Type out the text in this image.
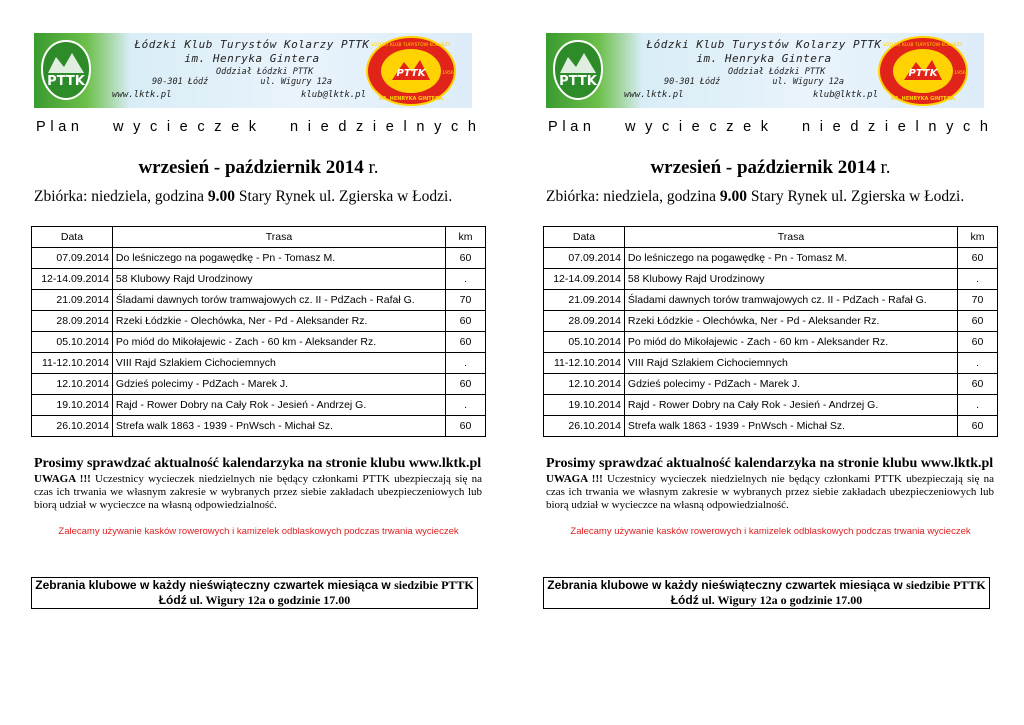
PTTK
Łódzki Klub Turystów Kolarzy PTTK
im. Henryka Gintera
Oddział Łódzki PTTK
90-301 Łódź	ul. Wigury 12a
www.lktk.pl	klub@lktk.pl
PTTK
ŁÓDZKI KLUB TURYSTÓW KOLARZY
IM. HENRYKA GINTERA
1956
P l a n w y c i e c z e k n i e d z i e l n y c h
wrzesień - październik 2014 r.
Zbiórka: niedziela, godzina 9.00 Stary Rynek ul. Zgierska w Łodzi.
Data	Trasa	km
07.09.2014	Do leśniczego na pogawędkę - Pn - Tomasz M.	60
12-14.09.2014	58 Klubowy Rajd Urodzinowy	.
21.09.2014	Śladami dawnych torów tramwajowych cz. II - PdZach - Rafał G.	70
28.09.2014	Rzeki Łódzkie - Olechówka, Ner - Pd - Aleksander Rz.	60
05.10.2014	Po miód do Mikołajewic - Zach - 60 km - Aleksander Rz.	60
11-12.10.2014	VIII Rajd Szlakiem Cichociemnych	.
12.10.2014	Gdzieś polecimy - PdZach - Marek J.	60
19.10.2014	Rajd - Rower Dobry na Cały Rok - Jesień - Andrzej G.	.
26.10.2014	Strefa walk 1863 - 1939 - PnWsch - Michał Sz.	60
Prosimy sprawdzać aktualność kalendarzyka na stronie klubu www.lktk.pl
UWAGA !!! Uczestnicy wycieczek niedzielnych nie będący członkami PTTK ubezpieczają się na czas ich trwania we własnym zakresie w wybranych przez siebie zakładach ubezpieczeniowych lub biorą udział w wycieczce na własną odpowiedzialność.
Zalecamy używanie kasków rowerowych i kamizelek odblaskowych podczas trwania wycieczek
Zebrania klubowe w każdy nieświąteczny czwartek miesiąca w siedzibie PTTK
Łódź ul. Wigury 12a o godzinie 17.00
PTTK
Łódzki Klub Turystów Kolarzy PTTK
im. Henryka Gintera
Oddział Łódzki PTTK
90-301 Łódź	ul. Wigury 12a
www.lktk.pl	klub@lktk.pl
PTTK
ŁÓDZKI KLUB TURYSTÓW KOLARZY
IM. HENRYKA GINTERA
1956
P l a n w y c i e c z e k n i e d z i e l n y c h
wrzesień - październik 2014 r.
Zbiórka: niedziela, godzina 9.00 Stary Rynek ul. Zgierska w Łodzi.
Data	Trasa	km
07.09.2014	Do leśniczego na pogawędkę - Pn - Tomasz M.	60
12-14.09.2014	58 Klubowy Rajd Urodzinowy	.
21.09.2014	Śladami dawnych torów tramwajowych cz. II - PdZach - Rafał G.	70
28.09.2014	Rzeki Łódzkie - Olechówka, Ner - Pd - Aleksander Rz.	60
05.10.2014	Po miód do Mikołajewic - Zach - 60 km - Aleksander Rz.	60
11-12.10.2014	VIII Rajd Szlakiem Cichociemnych	.
12.10.2014	Gdzieś polecimy - PdZach - Marek J.	60
19.10.2014	Rajd - Rower Dobry na Cały Rok - Jesień - Andrzej G.	.
26.10.2014	Strefa walk 1863 - 1939 - PnWsch - Michał Sz.	60
Prosimy sprawdzać aktualność kalendarzyka na stronie klubu www.lktk.pl
UWAGA !!! Uczestnicy wycieczek niedzielnych nie będący członkami PTTK ubezpieczają się na czas ich trwania we własnym zakresie w wybranych przez siebie zakładach ubezpieczeniowych lub biorą udział w wycieczce na własną odpowiedzialność.
Zalecamy używanie kasków rowerowych i kamizelek odblaskowych podczas trwania wycieczek
Zebrania klubowe w każdy nieświąteczny czwartek miesiąca w siedzibie PTTK
Łódź ul. Wigury 12a o godzinie 17.00
